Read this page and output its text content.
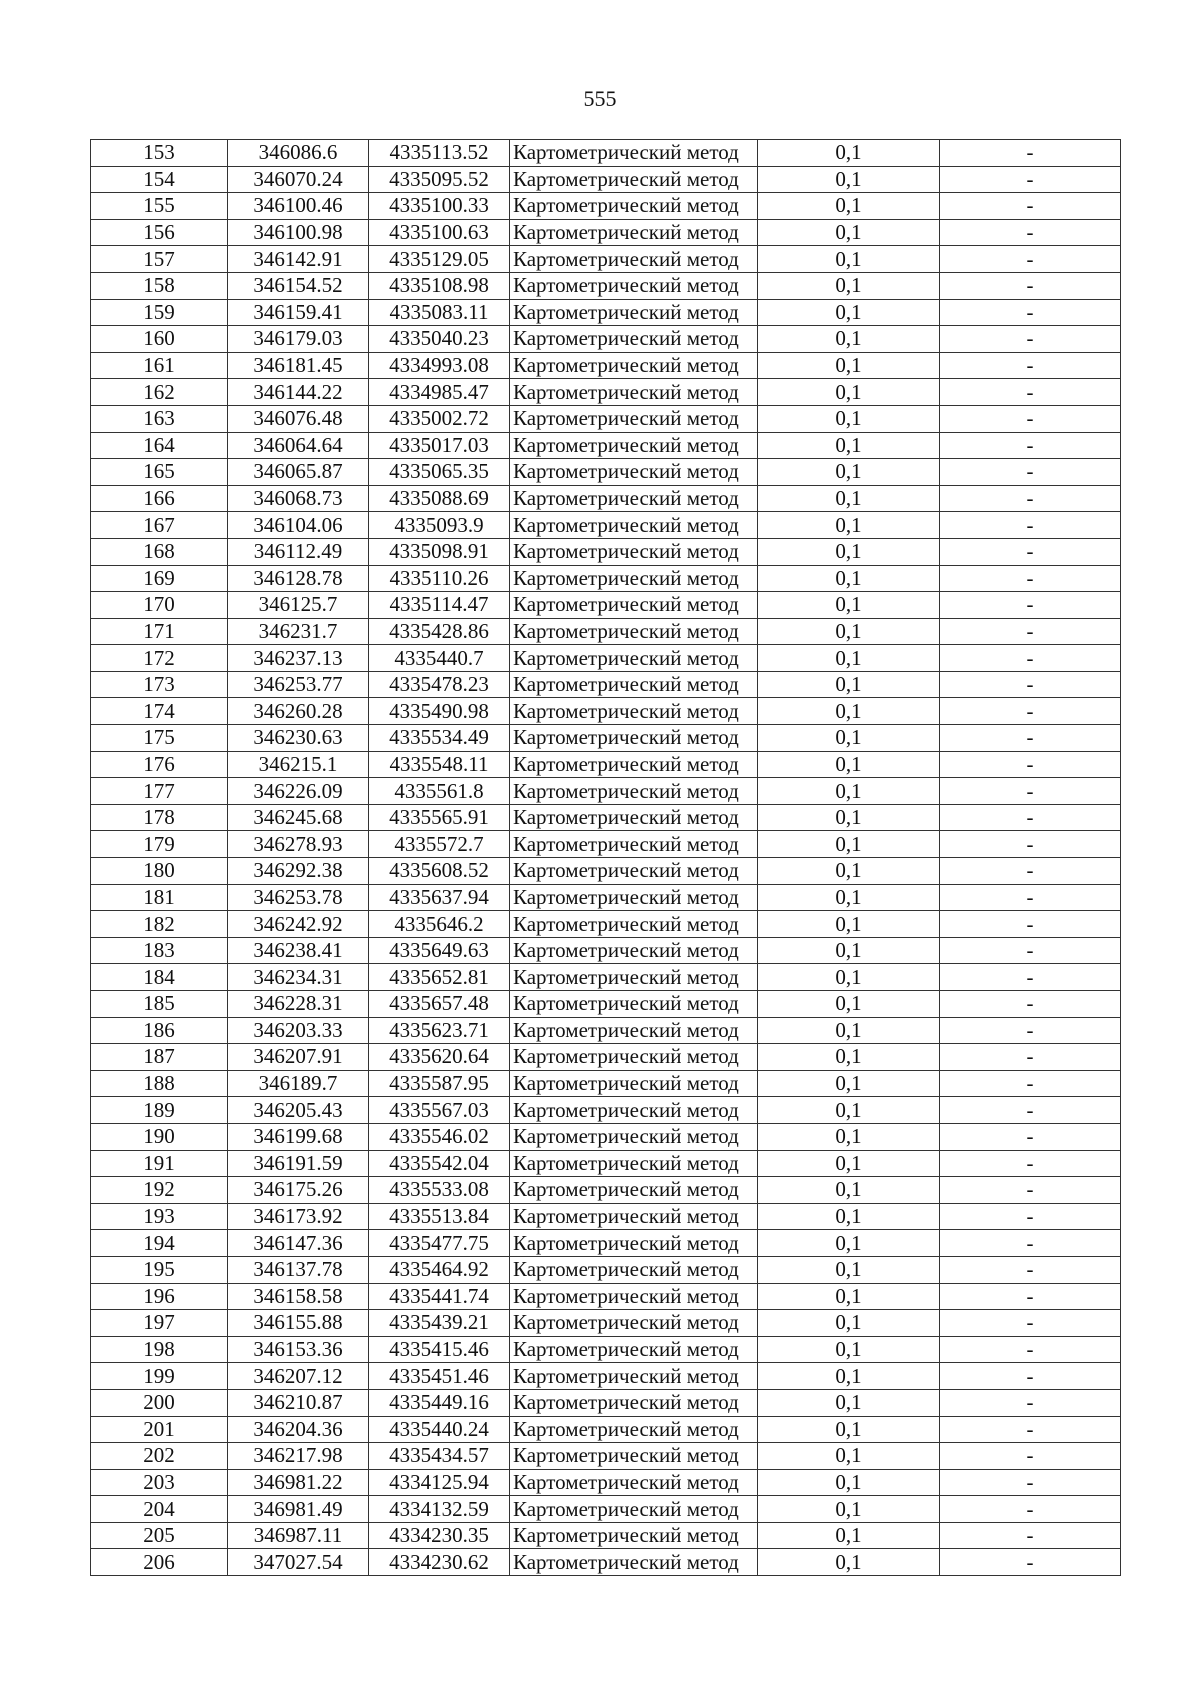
555
153	346086.6	4335113.52	Картометрический метод	0,1	-
154	346070.24	4335095.52	Картометрический метод	0,1	-
155	346100.46	4335100.33	Картометрический метод	0,1	-
156	346100.98	4335100.63	Картометрический метод	0,1	-
157	346142.91	4335129.05	Картометрический метод	0,1	-
158	346154.52	4335108.98	Картометрический метод	0,1	-
159	346159.41	4335083.11	Картометрический метод	0,1	-
160	346179.03	4335040.23	Картометрический метод	0,1	-
161	346181.45	4334993.08	Картометрический метод	0,1	-
162	346144.22	4334985.47	Картометрический метод	0,1	-
163	346076.48	4335002.72	Картометрический метод	0,1	-
164	346064.64	4335017.03	Картометрический метод	0,1	-
165	346065.87	4335065.35	Картометрический метод	0,1	-
166	346068.73	4335088.69	Картометрический метод	0,1	-
167	346104.06	4335093.9	Картометрический метод	0,1	-
168	346112.49	4335098.91	Картометрический метод	0,1	-
169	346128.78	4335110.26	Картометрический метод	0,1	-
170	346125.7	4335114.47	Картометрический метод	0,1	-
171	346231.7	4335428.86	Картометрический метод	0,1	-
172	346237.13	4335440.7	Картометрический метод	0,1	-
173	346253.77	4335478.23	Картометрический метод	0,1	-
174	346260.28	4335490.98	Картометрический метод	0,1	-
175	346230.63	4335534.49	Картометрический метод	0,1	-
176	346215.1	4335548.11	Картометрический метод	0,1	-
177	346226.09	4335561.8	Картометрический метод	0,1	-
178	346245.68	4335565.91	Картометрический метод	0,1	-
179	346278.93	4335572.7	Картометрический метод	0,1	-
180	346292.38	4335608.52	Картометрический метод	0,1	-
181	346253.78	4335637.94	Картометрический метод	0,1	-
182	346242.92	4335646.2	Картометрический метод	0,1	-
183	346238.41	4335649.63	Картометрический метод	0,1	-
184	346234.31	4335652.81	Картометрический метод	0,1	-
185	346228.31	4335657.48	Картометрический метод	0,1	-
186	346203.33	4335623.71	Картометрический метод	0,1	-
187	346207.91	4335620.64	Картометрический метод	0,1	-
188	346189.7	4335587.95	Картометрический метод	0,1	-
189	346205.43	4335567.03	Картометрический метод	0,1	-
190	346199.68	4335546.02	Картометрический метод	0,1	-
191	346191.59	4335542.04	Картометрический метод	0,1	-
192	346175.26	4335533.08	Картометрический метод	0,1	-
193	346173.92	4335513.84	Картометрический метод	0,1	-
194	346147.36	4335477.75	Картометрический метод	0,1	-
195	346137.78	4335464.92	Картометрический метод	0,1	-
196	346158.58	4335441.74	Картометрический метод	0,1	-
197	346155.88	4335439.21	Картометрический метод	0,1	-
198	346153.36	4335415.46	Картометрический метод	0,1	-
199	346207.12	4335451.46	Картометрический метод	0,1	-
200	346210.87	4335449.16	Картометрический метод	0,1	-
201	346204.36	4335440.24	Картометрический метод	0,1	-
202	346217.98	4335434.57	Картометрический метод	0,1	-
203	346981.22	4334125.94	Картометрический метод	0,1	-
204	346981.49	4334132.59	Картометрический метод	0,1	-
205	346987.11	4334230.35	Картометрический метод	0,1	-
206	347027.54	4334230.62	Картометрический метод	0,1	-
